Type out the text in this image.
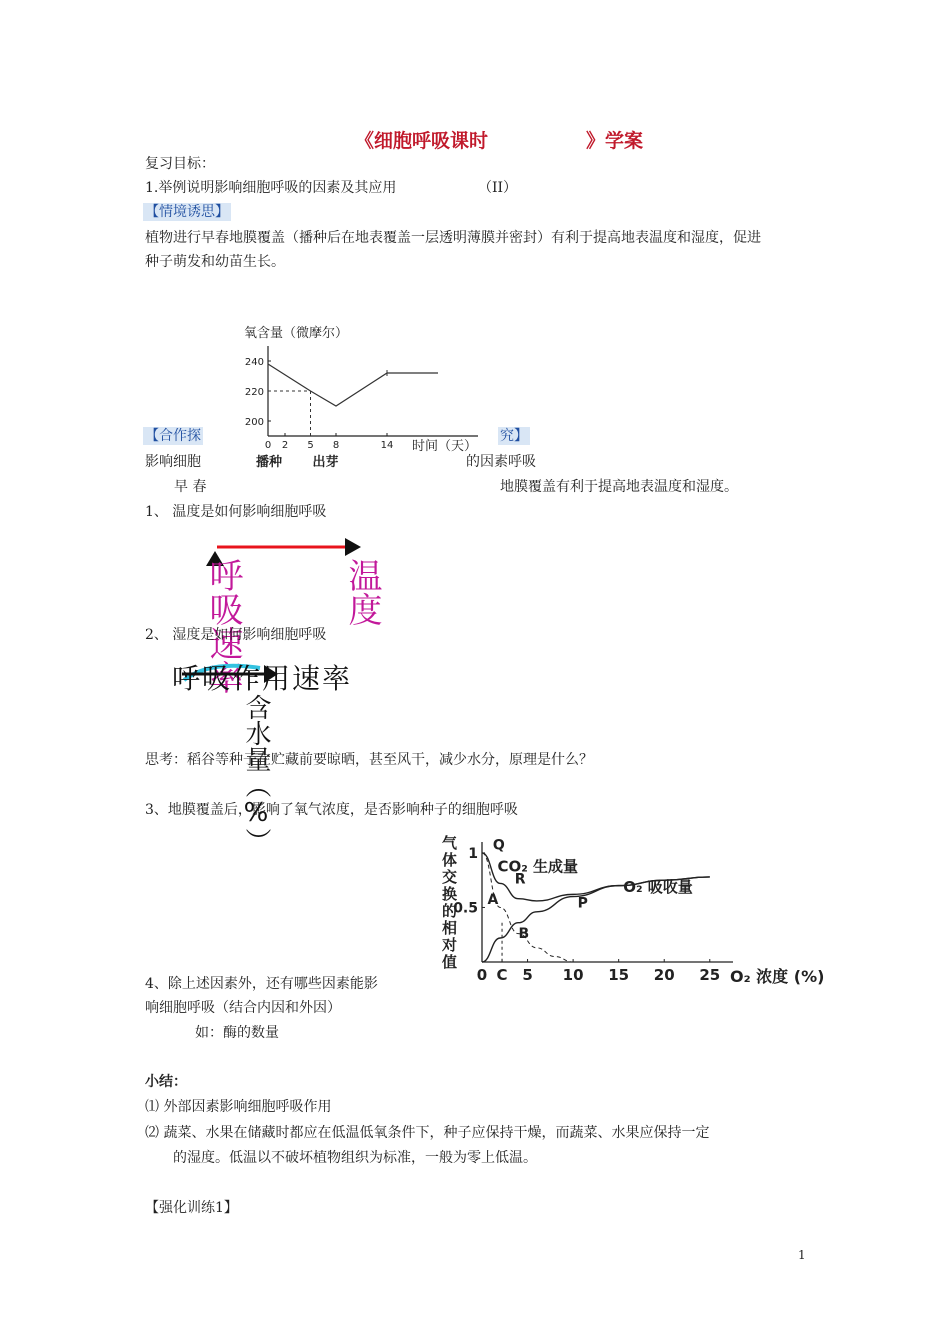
《细胞呼吸课时	》学案
复习目标：
1.举例说明影响细胞呼吸的因素及其应用	（II）
【情境诱思】
植物进行早春地膜覆盖（播种后在地表覆盖一层透明薄膜并密封）有利于提高地表温度和湿度，促进
种子萌发和幼苗生长。
氧含量（微摩尔）
240
220
200
0 2 5 8	14 时间（天）
播种 出芽
【合作探	究】
影响细胞	的因素呼吸
早 春	地膜覆盖有利于提高地表温度和湿度。
1、 温度是如何影响细胞呼吸
呼吸速率	温度
2、 湿度是如何影响细胞呼吸
呼吸作用速率
含水量（%）
思考：稻谷等种子在贮藏前要晾晒，甚至风干，减少水分，原理是什么？
3、地膜覆盖后，影响了氧气浓度，是否影响种子的细胞呼吸
气体交换的相对值
1
0.5
0 C 5 10 15 20 25
Q
R
A	P
B
CO₂ 生成量
O₂ 吸收量
O₂ 浓度 (%)
4、除上述因素外，还有哪些因素能影
响细胞呼吸（结合内因和外因）
如：酶的数量
小结：
⑴ 外部因素影响细胞呼吸作用
⑵ 蔬菜、水果在储藏时都应在低温低氧条件下，种子应保持干燥，而蔬菜、水果应保持一定
的湿度。低温以不破坏植物组织为标准，一般为零上低温。
【强化训练1】
1
